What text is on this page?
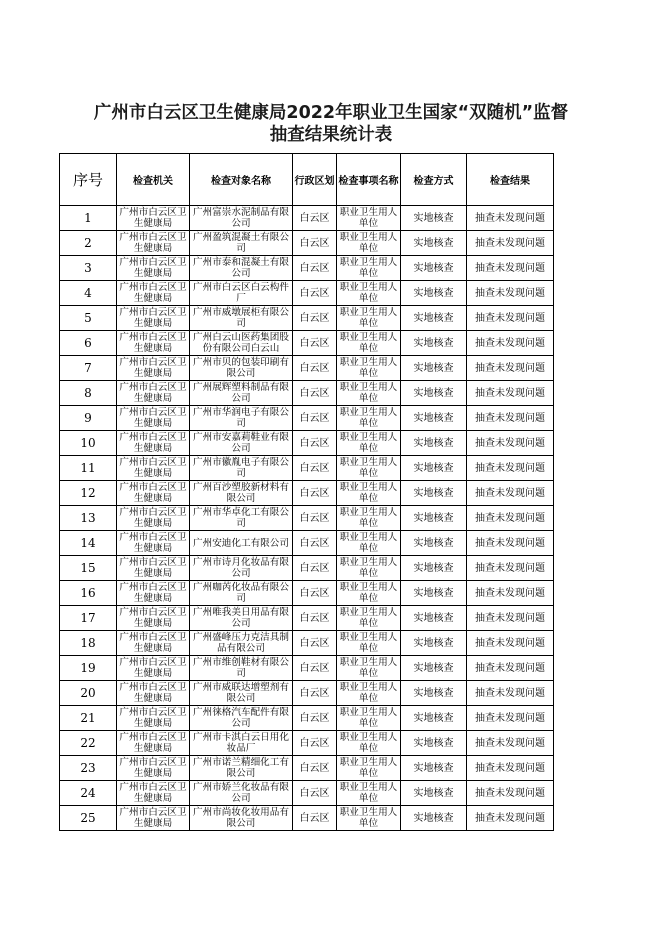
广州市白云区卫生健康局2022年职业卫生国家“双随机”监督
抽查结果统计表
序号	检查机关	检查对象名称	行政区划	检查事项名称	检查方式	检查结果
1	广州市白云区卫生健康局	广州富崇水泥制品有限公司	白云区	职业卫生用人单位	实地核查	抽查未发现问题
2	广州市白云区卫生健康局	广州盈筑混凝土有限公司	白云区	职业卫生用人单位	实地核查	抽查未发现问题
3	广州市白云区卫生健康局	广州市泰和混凝土有限公司	白云区	职业卫生用人单位	实地核查	抽查未发现问题
4	广州市白云区卫生健康局	广州市白云区白云构件厂	白云区	职业卫生用人单位	实地核查	抽查未发现问题
5	广州市白云区卫生健康局	广州市威墩展柜有限公司	白云区	职业卫生用人单位	实地核查	抽查未发现问题
6	广州市白云区卫生健康局	广州白云山医药集团股份有限公司白云山	白云区	职业卫生用人单位	实地核查	抽查未发现问题
7	广州市白云区卫生健康局	广州市贝的包装印刷有限公司	白云区	职业卫生用人单位	实地核查	抽查未发现问题
8	广州市白云区卫生健康局	广州展辉塑料制品有限公司	白云区	职业卫生用人单位	实地核查	抽查未发现问题
9	广州市白云区卫生健康局	广州市华润电子有限公司	白云区	职业卫生用人单位	实地核查	抽查未发现问题
10	广州市白云区卫生健康局	广州市安嘉莉鞋业有限公司	白云区	职业卫生用人单位	实地核查	抽查未发现问题
11	广州市白云区卫生健康局	广州市徽胤电子有限公司	白云区	职业卫生用人单位	实地核查	抽查未发现问题
12	广州市白云区卫生健康局	广州百沙塑胶新材料有限公司	白云区	职业卫生用人单位	实地核查	抽查未发现问题
13	广州市白云区卫生健康局	广州市华卓化工有限公司	白云区	职业卫生用人单位	实地核查	抽查未发现问题
14	广州市白云区卫生健康局	广州安迪化工有限公司	白云区	职业卫生用人单位	实地核查	抽查未发现问题
15	广州市白云区卫生健康局	广州市诗月化妆品有限公司	白云区	职业卫生用人单位	实地核查	抽查未发现问题
16	广州市白云区卫生健康局	广州咖芮化妆品有限公司	白云区	职业卫生用人单位	实地核查	抽查未发现问题
17	广州市白云区卫生健康局	广州唯我美日用品有限公司	白云区	职业卫生用人单位	实地核查	抽查未发现问题
18	广州市白云区卫生健康局	广州盛峰压力克洁具制品有限公司	白云区	职业卫生用人单位	实地核查	抽查未发现问题
19	广州市白云区卫生健康局	广州市维创鞋材有限公司	白云区	职业卫生用人单位	实地核查	抽查未发现问题
20	广州市白云区卫生健康局	广州市威联达增塑剂有限公司	白云区	职业卫生用人单位	实地核查	抽查未发现问题
21	广州市白云区卫生健康局	广州徕格汽车配件有限公司	白云区	职业卫生用人单位	实地核查	抽查未发现问题
22	广州市白云区卫生健康局	广州市卡淇白云日用化妆品厂	白云区	职业卫生用人单位	实地核查	抽查未发现问题
23	广州市白云区卫生健康局	广州市诺兰精细化工有限公司	白云区	职业卫生用人单位	实地核查	抽查未发现问题
24	广州市白云区卫生健康局	广州市娇兰化妆品有限公司	白云区	职业卫生用人单位	实地核查	抽查未发现问题
25	广州市白云区卫生健康局	广州市尚妆化妆用品有限公司	白云区	职业卫生用人单位	实地核查	抽查未发现问题
